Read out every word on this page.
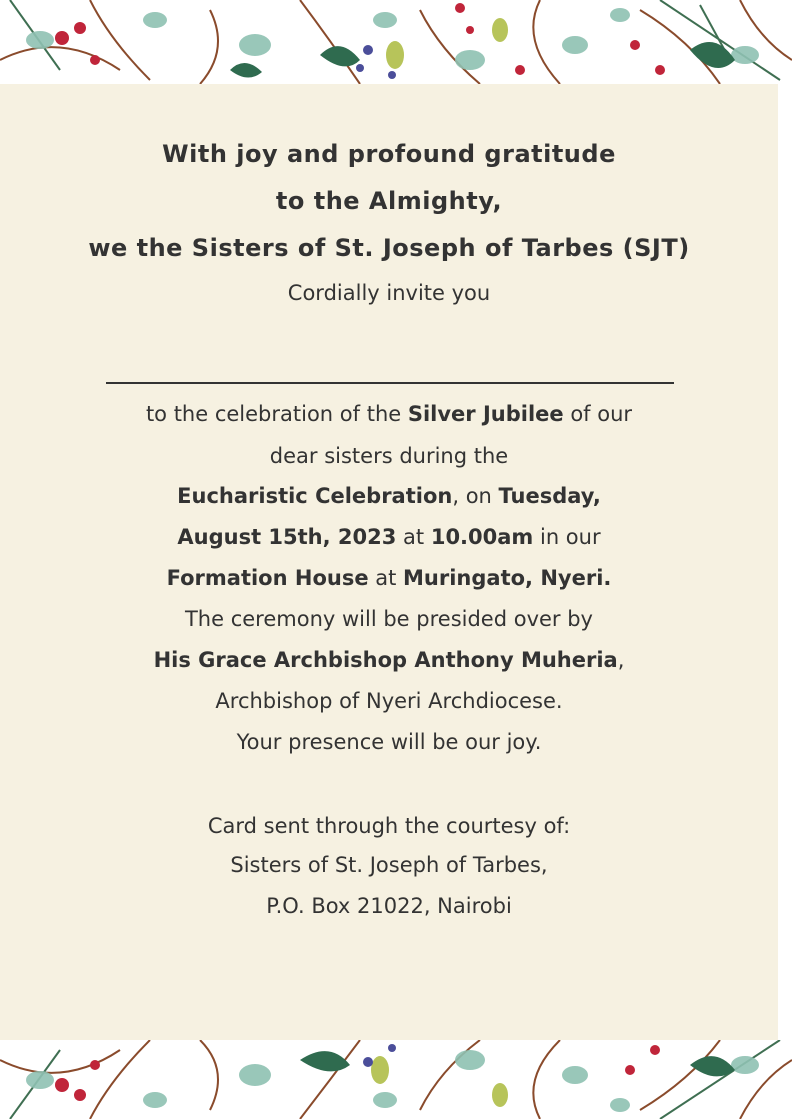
With joy and profound gratitude
to the Almighty,
we the Sisters of St. Joseph of Tarbes (SJT)
Cordially invite you
to the celebration of the Silver Jubilee of our
dear sisters during the
Eucharistic Celebration, on Tuesday,
August 15th, 2023 at 10.00am in our
Formation House at Muringato, Nyeri.
The ceremony will be presided over by
His Grace Archbishop Anthony Muheria,
Archbishop of Nyeri Archdiocese.
Your presence will be our joy.
Card sent through the courtesy of:
Sisters of St. Joseph of Tarbes,
P.O. Box 21022, Nairobi
